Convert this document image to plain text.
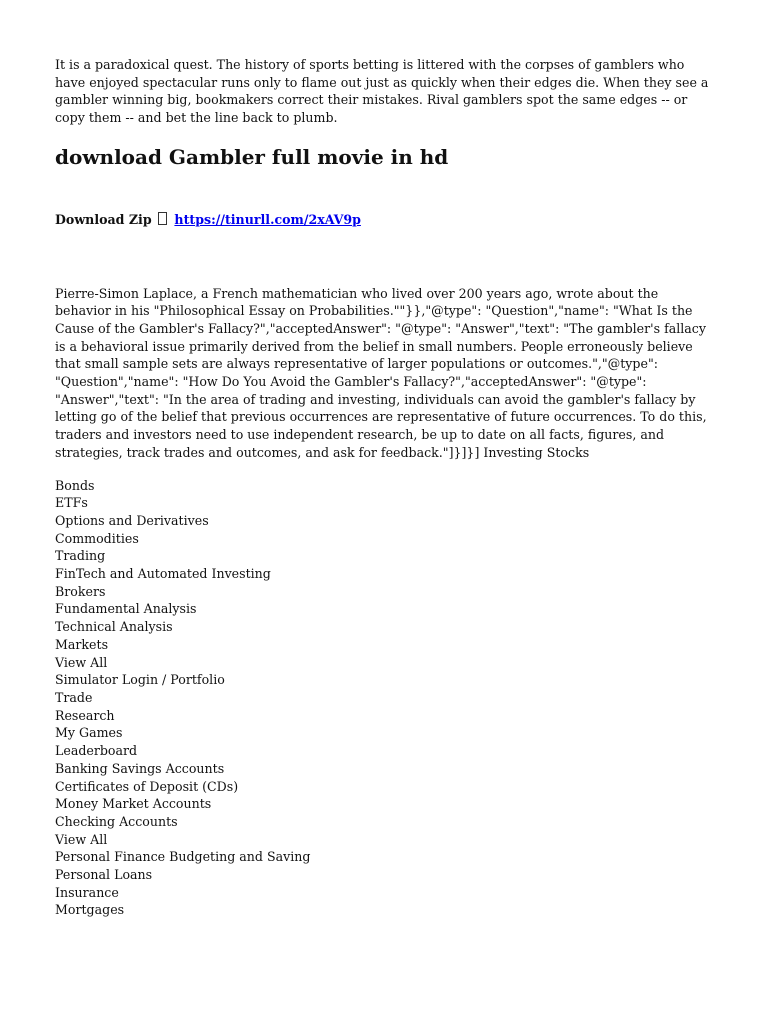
It is a paradoxical quest. The history of sports betting is littered with the corpses of gamblers who have enjoyed spectacular runs only to flame out just as quickly when their edges die. When they see a gambler winning big, bookmakers correct their mistakes. Rival gamblers spot the same edges -- or copy them -- and bet the line back to plumb.

download Gambler full movie in hd

Download Zip https://tinurll.com/2xAV9p

Pierre-Simon Laplace, a French mathematician who lived over 200 years ago, wrote about the behavior in his "Philosophical Essay on Probabilities.""}},"@type": "Question","name": "What Is the Cause of the Gambler's Fallacy?","acceptedAnswer": "@type": "Answer","text": "The gambler's fallacy is a behavioral issue primarily derived from the belief in small numbers. People erroneously believe that small sample sets are always representative of larger populations or outcomes.","@type": "Question","name": "How Do You Avoid the Gambler's Fallacy?","acceptedAnswer": "@type": "Answer","text": "In the area of trading and investing, individuals can avoid the gambler's fallacy by letting go of the belief that previous occurrences are representative of future occurrences. To do this, traders and investors need to use independent research, be up to date on all facts, figures, and strategies, track trades and outcomes, and ask for feedback."]}]}] Investing Stocks

Bonds
ETFs
Options and Derivatives
Commodities
Trading
FinTech and Automated Investing
Brokers
Fundamental Analysis
Technical Analysis
Markets
View All
Simulator Login / Portfolio
Trade
Research
My Games
Leaderboard
Banking Savings Accounts
Certificates of Deposit (CDs)
Money Market Accounts
Checking Accounts
View All
Personal Finance Budgeting and Saving
Personal Loans
Insurance
Mortgages
